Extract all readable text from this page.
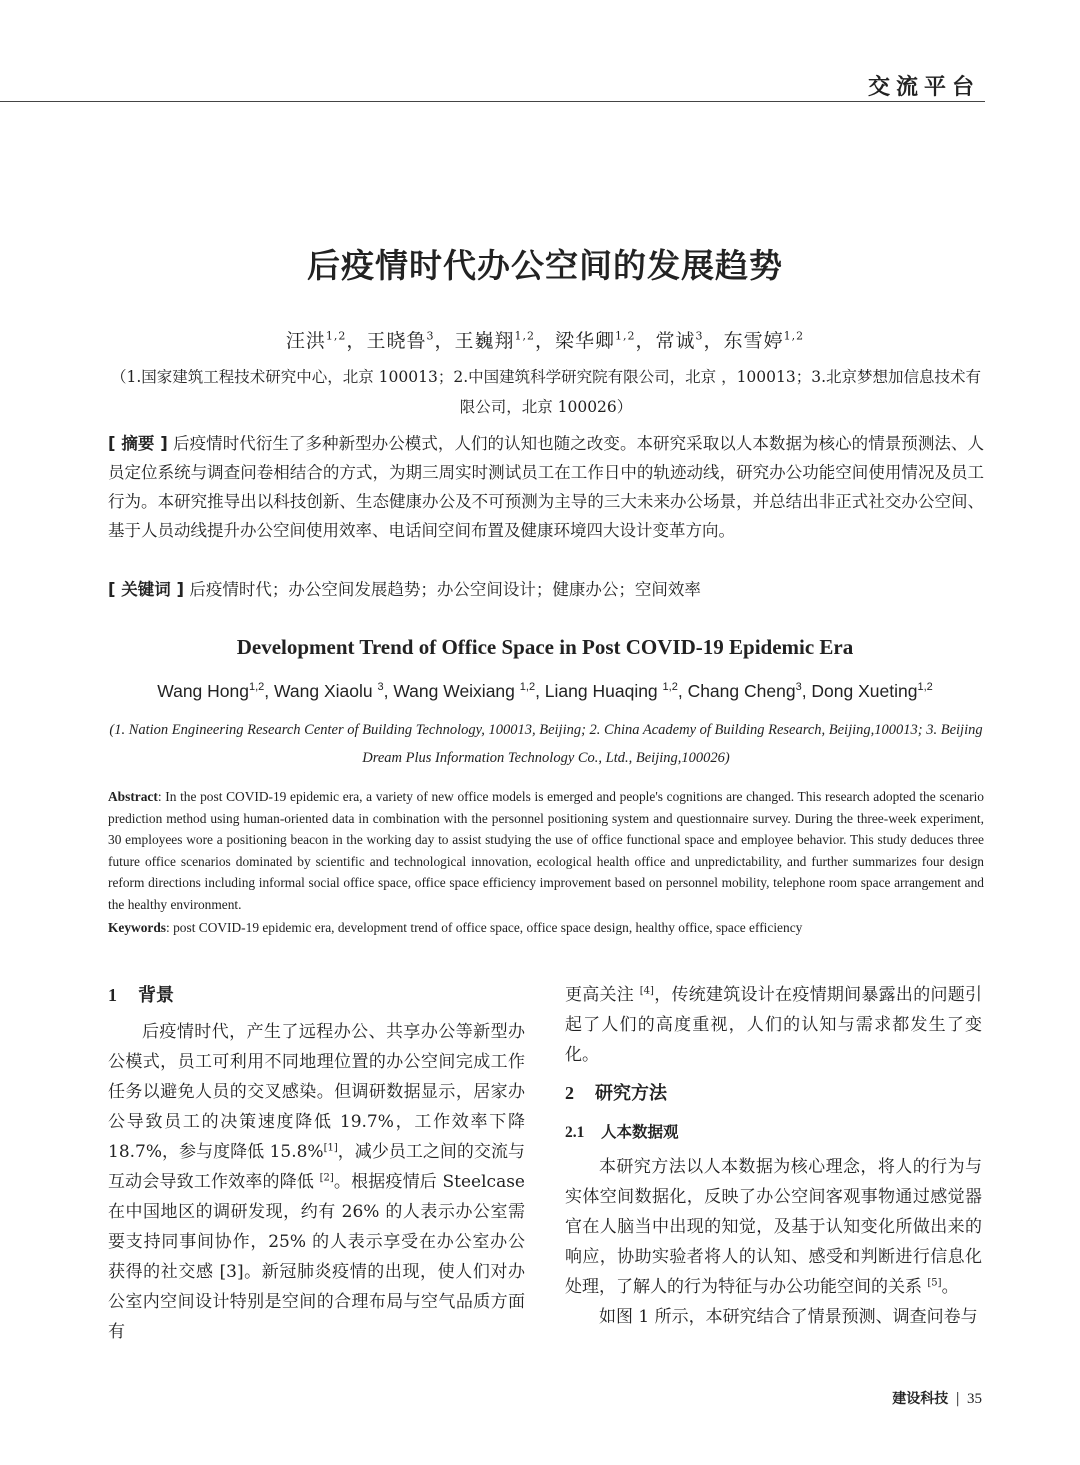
交流平台
后疫情时代办公空间的发展趋势
汪洪$^{1,2}$，王晓鲁$^3$，王巍翔$^{1,2}$，梁华卿$^{1,2}$，常诚$^3$，东雪婷$^{1,2}$
（1.国家建筑工程技术研究中心，北京 100013；2.中国建筑科学研究院有限公司，北京 ，100013；3.北京梦想加信息技术有限公司，北京 100026）
[ 摘要 ] 后疫情时代衍生了多种新型办公模式，人们的认知也随之改变。本研究采取以人本数据为核心的情景预测法、人员定位系统与调查问卷相结合的方式，为期三周实时测试员工在工作日中的轨迹动线，研究办公功能空间使用情况及员工行为。本研究推导出以科技创新、生态健康办公及不可预测为主导的三大未来办公场景，并总结出非正式社交办公空间、基于人员动线提升办公空间使用效率、电话间空间布置及健康环境四大设计变革方向。
[ 关键词 ] 后疫情时代；办公空间发展趋势；办公空间设计；健康办公；空间效率
Development Trend of Office Space in Post COVID-19 Epidemic Era
Wang Hong$^{1,2}$, Wang Xiaolu $^3$, Wang Weixiang $^{1,2}$, Liang Huaqing $^{1,2}$, Chang Cheng$^3$, Dong Xueting$^{1,2}$
(1. Nation Engineering Research Center of Building Technology, 100013, Beijing; 2. China Academy of Building Research, Beijing,100013; 3. Beijing Dream Plus Information Technology Co., Ltd., Beijing,100026)
Abstract: In the post COVID-19 epidemic era, a variety of new office models is emerged and people's cognitions are changed. This research adopted the scenario prediction method using human-oriented data in combination with the personnel positioning system and questionnaire survey. During the three-week experiment, 30 employees wore a positioning beacon in the working day to assist studying the use of office functional space and employee behavior. This study deduces three future office scenarios dominated by scientific and technological innovation, ecological health office and unpredictability, and further summarizes four design reform directions including informal social office space, office space efficiency improvement based on personnel mobility, telephone room space arrangement and the healthy environment.
Keywords: post COVID-19 epidemic era, development trend of office space, office space design, healthy office, space efficiency
1 背景

后疫情时代，产生了远程办公、共享办公等新型办公模式，员工可利用不同地理位置的办公空间完成工作任务以避免人员的交叉感染。但调研数据显示，居家办公导致员工的决策速度降低 19.7%，工作效率下降 18.7%，参与度降低 15.8%[1]，减少员工之间的交流与互动会导致工作效率的降低 [2]。根据疫情后 Steelcase 在中国地区的调研发现，约有 26% 的人表示办公室需要支持同事间协作，25% 的人表示享受在办公室办公获得的社交感 [3]。新冠肺炎疫情的出现，使人们对办公室内空间设计特别是空间的合理布局与空气品质方面有

更高关注 [4]，传统建筑设计在疫情期间暴露出的问题引起了人们的高度重视，人们的认知与需求都发生了变化。

2 研究方法
2.1 人本数据观

本研究方法以人本数据为核心理念，将人的行为与实体空间数据化，反映了办公空间客观事物通过感觉器官在人脑当中出现的知觉，及基于认知变化所做出来的响应，协助实验者将人的认知、感受和判断进行信息化处理，了解人的行为特征与办公功能空间的关系 [5]。

如图 1 所示，本研究结合了情景预测、调查问卷与

建设科技 | 35
